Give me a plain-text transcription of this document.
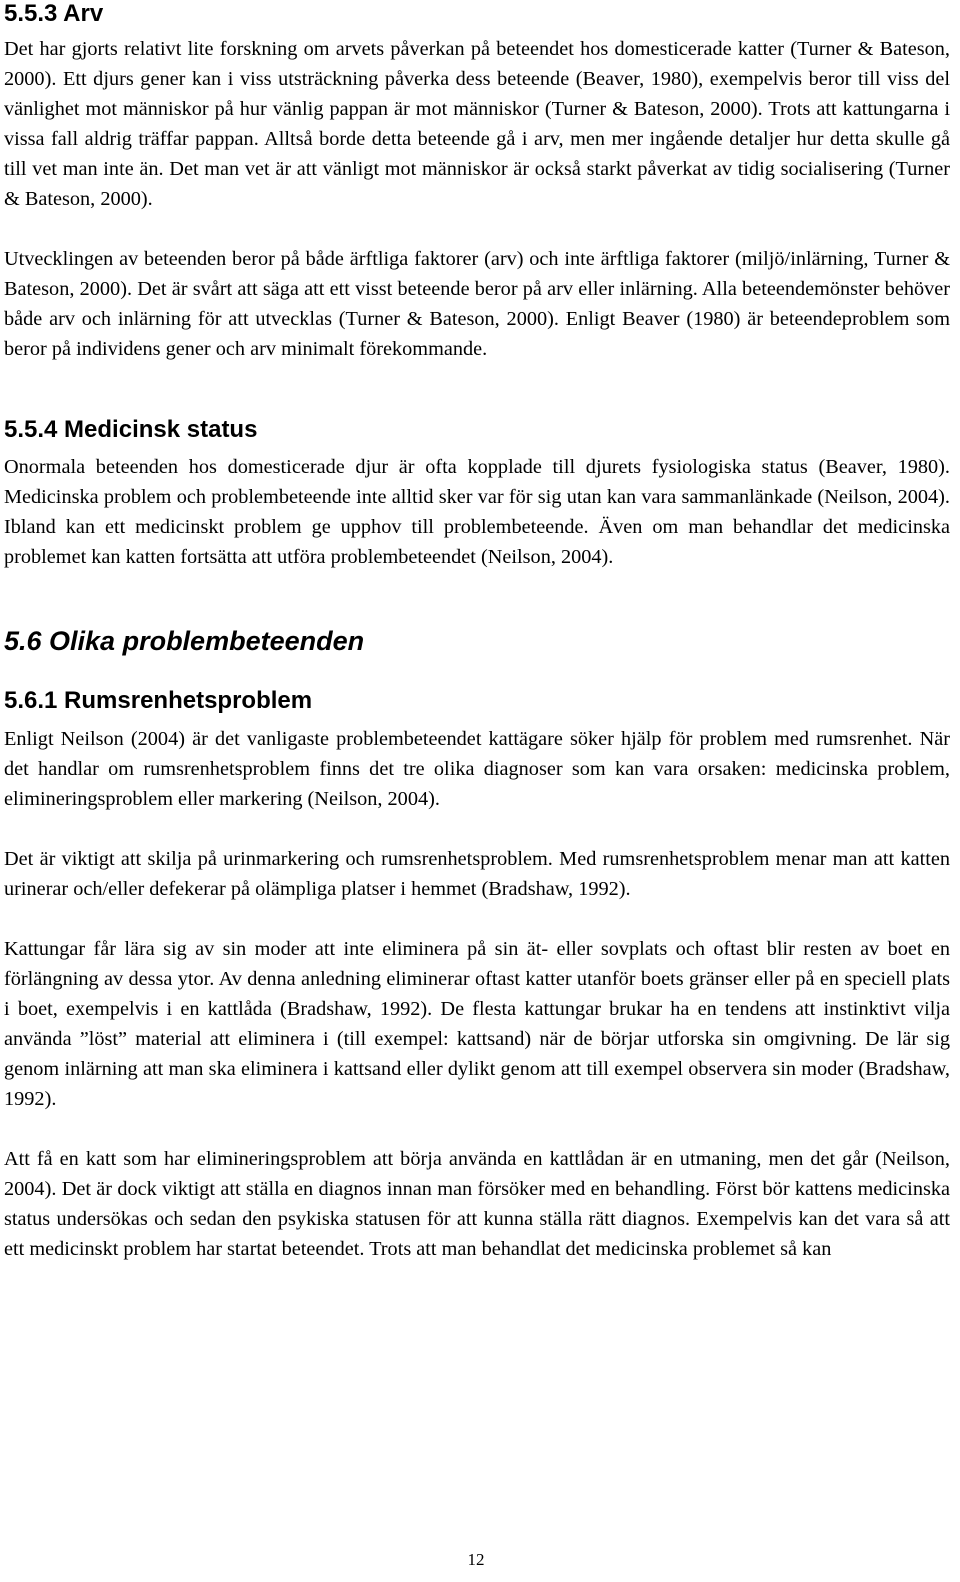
5.5.3 Arv

Det har gjorts relativt lite forskning om arvets påverkan på beteendet hos domesticerade katter (Turner & Bateson, 2000). Ett djurs gener kan i viss utsträckning påverka dess beteende (Beaver, 1980), exempelvis beror till viss del vänlighet mot människor på hur vänlig pappan är mot människor (Turner & Bateson, 2000). Trots att kattungarna i vissa fall aldrig träffar pappan. Alltså borde detta beteende gå i arv, men mer ingående detaljer hur detta skulle gå till vet man inte än. Det man vet är att vänligt mot människor är också starkt påverkat av tidig socialisering (Turner & Bateson, 2000).

Utvecklingen av beteenden beror på både ärftliga faktorer (arv) och inte ärftliga faktorer (miljö/inlärning, Turner & Bateson, 2000). Det är svårt att säga att ett visst beteende beror på arv eller inlärning. Alla beteendemönster behöver både arv och inlärning för att utvecklas (Turner & Bateson, 2000). Enligt Beaver (1980) är beteendeproblem som beror på individens gener och arv minimalt förekommande.

5.5.4 Medicinsk status

Onormala beteenden hos domesticerade djur är ofta kopplade till djurets fysiologiska status (Beaver, 1980). Medicinska problem och problembeteende inte alltid sker var för sig utan kan vara sammanlänkade (Neilson, 2004). Ibland kan ett medicinskt problem ge upphov till problembeteende. Även om man behandlar det medicinska problemet kan katten fortsätta att utföra problembeteendet (Neilson, 2004).

5.6 Olika problembeteenden
5.6.1 Rumsrenhetsproblem

Enligt Neilson (2004) är det vanligaste problembeteendet kattägare söker hjälp för problem med rumsrenhet. När det handlar om rumsrenhetsproblem finns det tre olika diagnoser som kan vara orsaken: medicinska problem, elimineringsproblem eller markering (Neilson, 2004).

Det är viktigt att skilja på urinmarkering och rumsrenhetsproblem. Med rumsrenhetsproblem menar man att katten urinerar och/eller defekerar på olämpliga platser i hemmet (Bradshaw, 1992).

Kattungar får lära sig av sin moder att inte eliminera på sin ät- eller sovplats och oftast blir resten av boet en förlängning av dessa ytor. Av denna anledning eliminerar oftast katter utanför boets gränser eller på en speciell plats i boet, exempelvis i en kattlåda (Bradshaw, 1992). De flesta kattungar brukar ha en tendens att instinktivt vilja använda ”löst” material att eliminera i (till exempel: kattsand) när de börjar utforska sin omgivning. De lär sig genom inlärning att man ska eliminera i kattsand eller dylikt genom att till exempel observera sin moder (Bradshaw, 1992).

Att få en katt som har elimineringsproblem att börja använda en kattlådan är en utmaning, men det går (Neilson, 2004). Det är dock viktigt att ställa en diagnos innan man försöker med en behandling. Först bör kattens medicinska status undersökas och sedan den psykiska statusen för att kunna ställa rätt diagnos. Exempelvis kan det vara så att ett medicinskt problem har startat beteendet. Trots att man behandlat det medicinska problemet så kan

12
